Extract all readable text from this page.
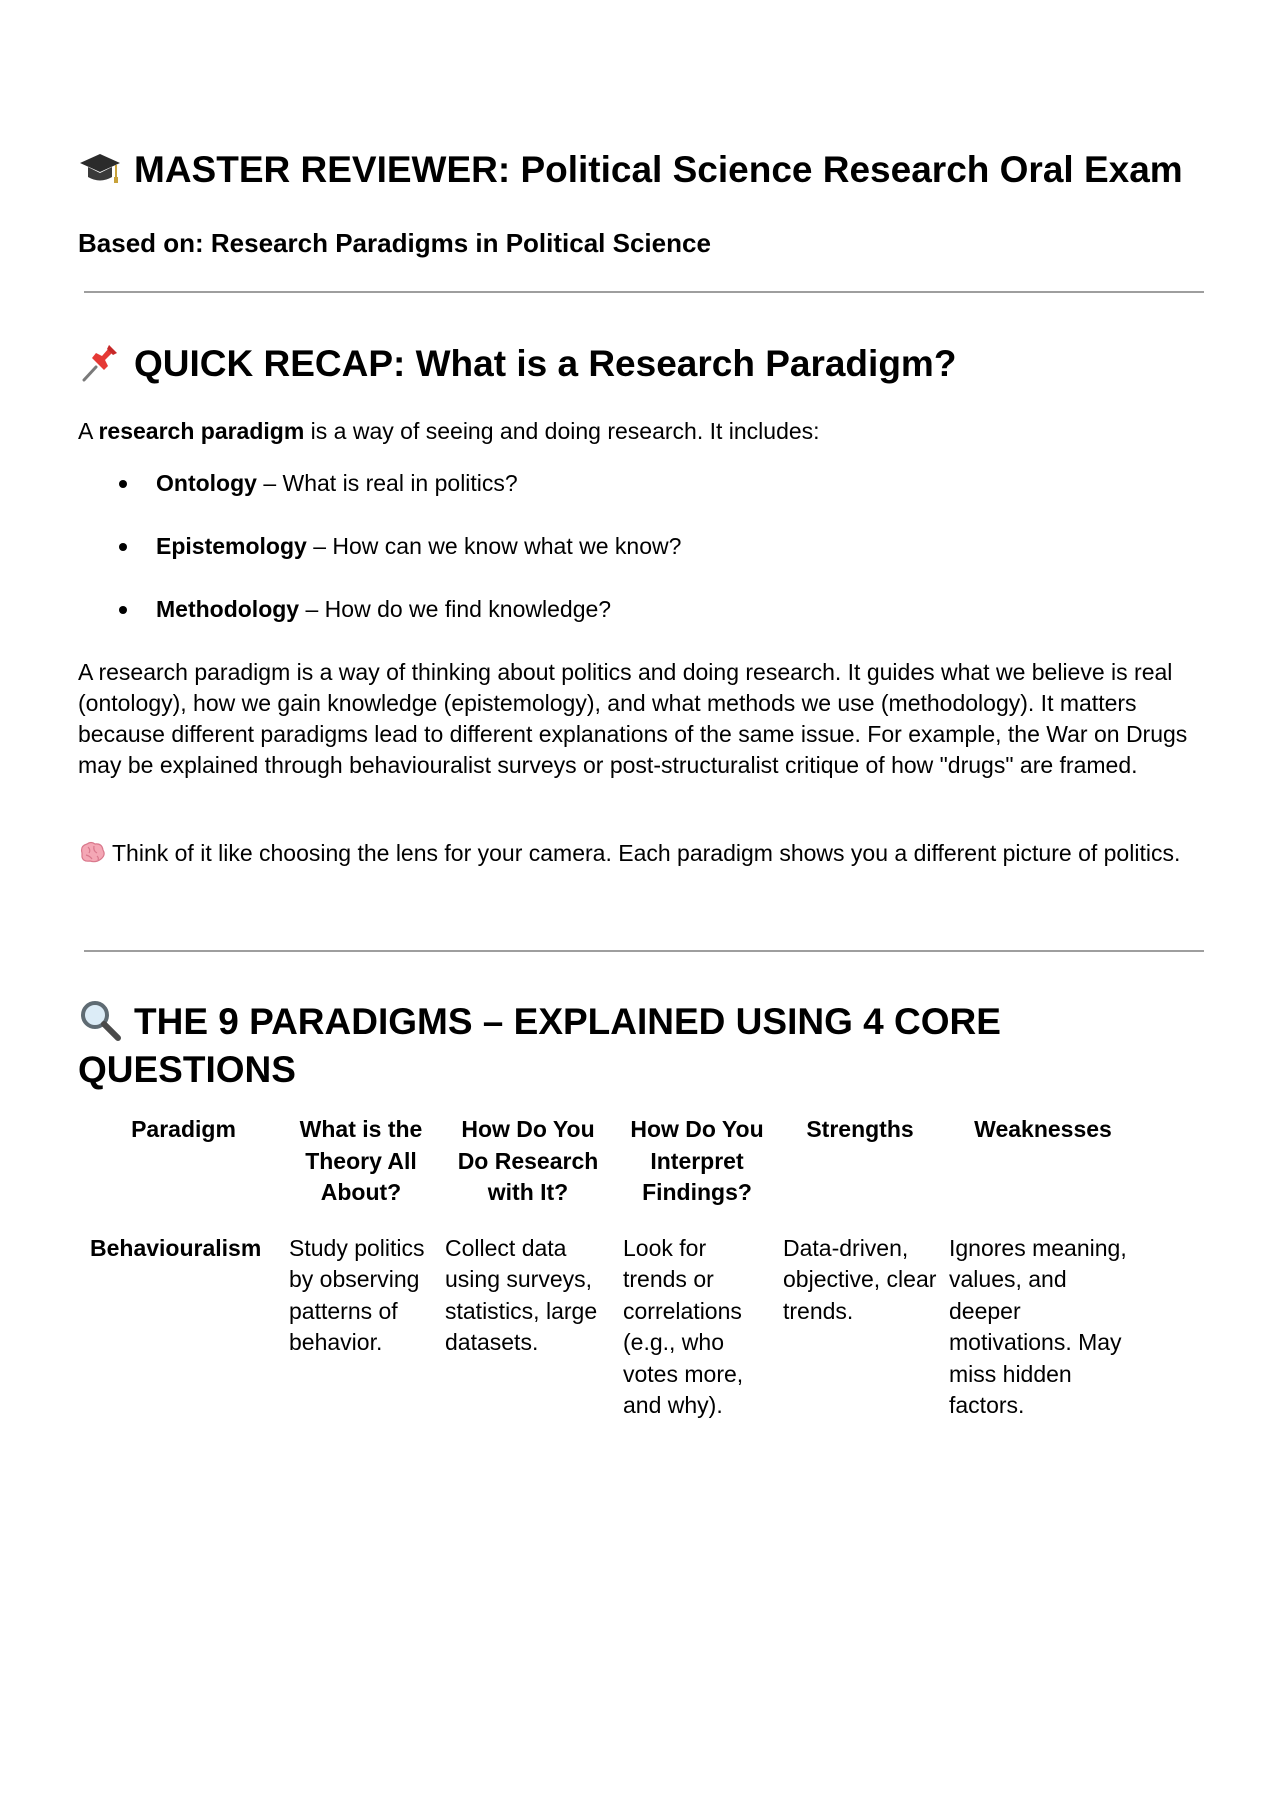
MASTER REVIEWER: Political Science Research Oral Exam

Based on: Research Paradigms in Political Science

QUICK RECAP: What is a Research Paradigm?

A research paradigm is a way of seeing and doing research. It includes:

Ontology – What is real in politics?
Epistemology – How can we know what we know?
Methodology – How do we find knowledge?

A research paradigm is a way of thinking about politics and doing research. It guides what we believe is real (ontology), how we gain knowledge (epistemology), and what methods we use (methodology). It matters because different paradigms lead to different explanations of the same issue. For example, the War on Drugs may be explained through behaviouralist surveys or post-structuralist critique of how "drugs" are framed.

Think of it like choosing the lens for your camera. Each paradigm shows you a different picture of politics.

THE 9 PARADIGMS – EXPLAINED USING 4 CORE QUESTIONS
Paradigm	What is the Theory All About?	How Do You Do Research with It?	How Do You Interpret Findings?	Strengths	Weaknesses
Behaviouralism	Study politics by observing patterns of behavior.	Collect data using surveys, statistics, large datasets.	Look for trends or correlations (e.g., who votes more, and why).	Data-driven, objective, clear trends.	Ignores meaning, values, and deeper motivations. May miss hidden factors.
